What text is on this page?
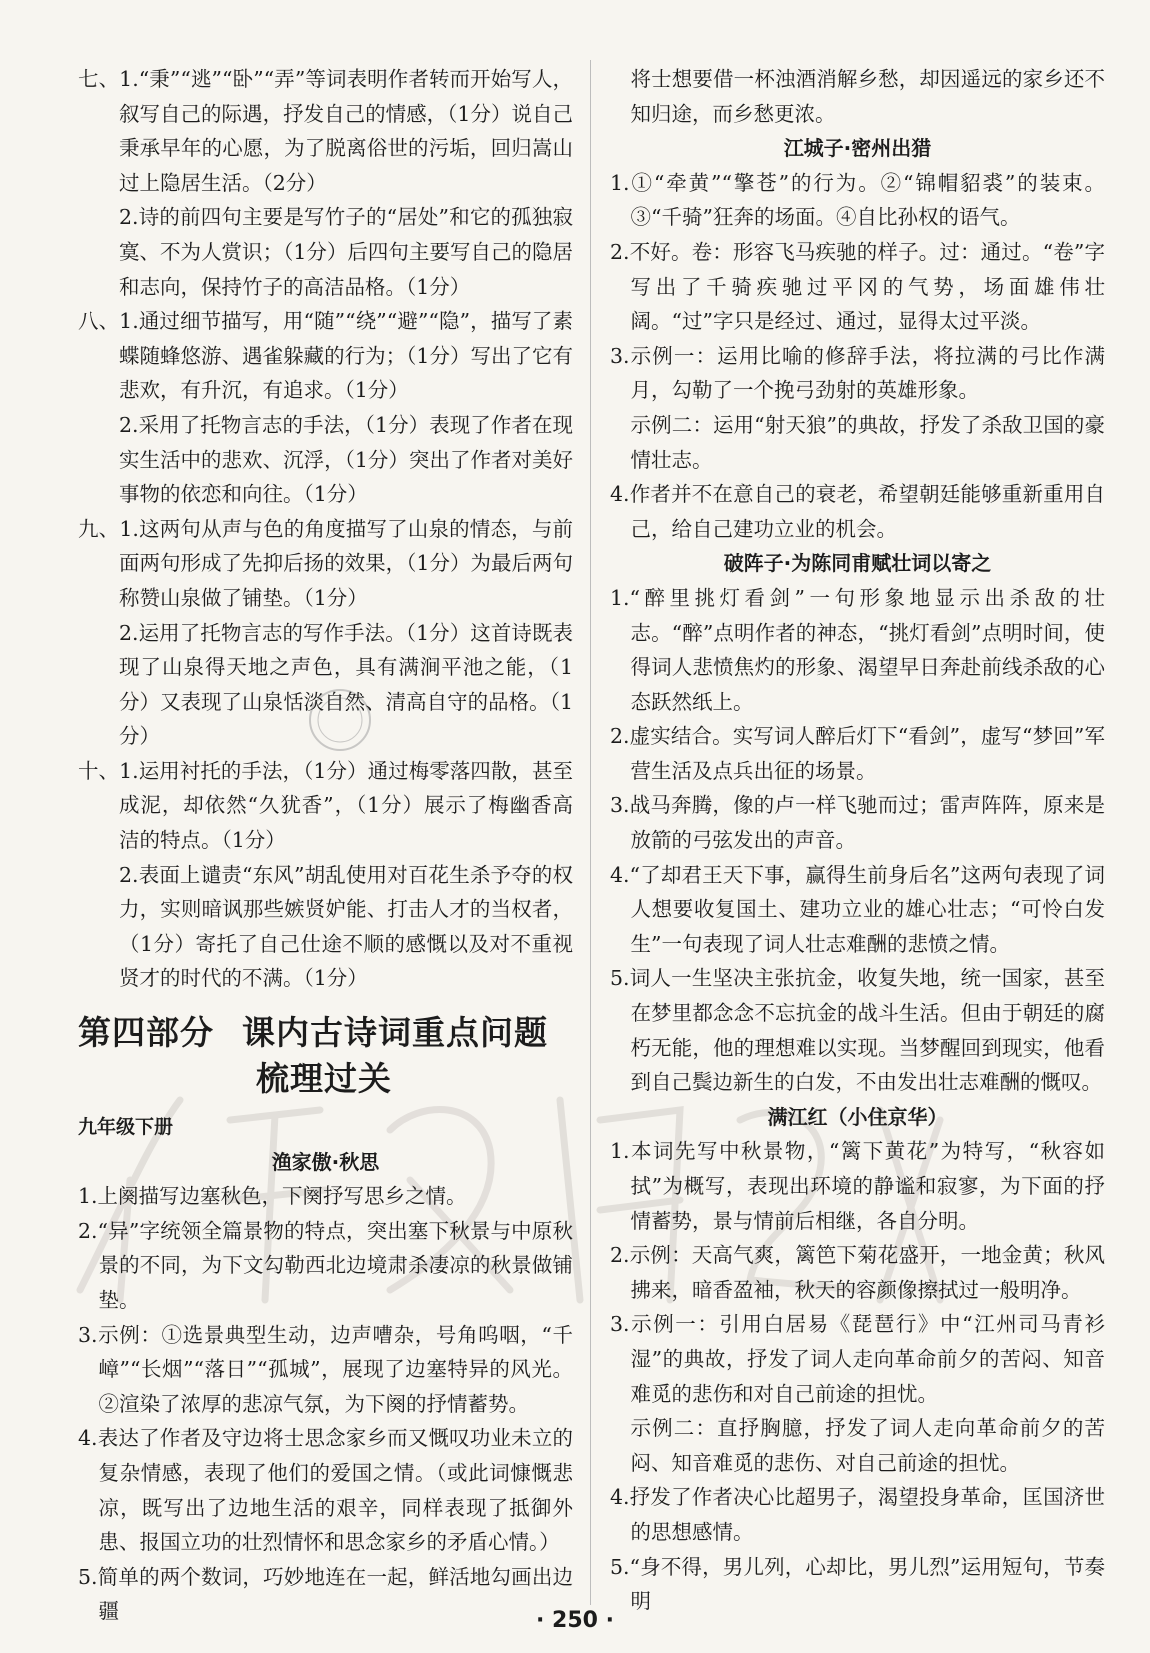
七、1.“秉”“逃”“卧”“弄”等词表明作者转而开始写人，叙写自己的际遇，抒发自己的情感，（1分）说自己秉承早年的心愿，为了脱离俗世的污垢，回归嵩山过上隐居生活。（2分）

2.诗的前四句主要是写竹子的“居处”和它的孤独寂寞、不为人赏识；（1分）后四句主要写自己的隐居和志向，保持竹子的高洁品格。（1分）

八、1.通过细节描写，用“随”“绕”“避”“隐”，描写了素蝶随蜂悠游、遇雀躲藏的行为；（1分）写出了它有悲欢，有升沉，有追求。（1分）

2.采用了托物言志的手法，（1分）表现了作者在现实生活中的悲欢、沉浮，（1分）突出了作者对美好事物的依恋和向往。（1分）

九、1.这两句从声与色的角度描写了山泉的情态，与前面两句形成了先抑后扬的效果，（1分）为最后两句称赞山泉做了铺垫。（1分）

2.运用了托物言志的写作手法。（1分）这首诗既表现了山泉得天地之声色，具有满涧平池之能，（1分）又表现了山泉恬淡自然、清高自守的品格。（1分）

十、1.运用衬托的手法，（1分）通过梅零落四散，甚至成泥，却依然“久犹香”，（1分）展示了梅幽香高洁的特点。（1分）

2.表面上谴责“东风”胡乱使用对百花生杀予夺的权力，实则暗讽那些嫉贤妒能、打击人才的当权者，（1分）寄托了自己仕途不顺的感慨以及对不重视贤才的时代的不满。（1分）

第四部分 课内古诗词重点问题
梳理过关

九年级下册

渔家傲·秋思

1.上阕描写边塞秋色，下阕抒写思乡之情。

2.“异”字统领全篇景物的特点，突出塞下秋景与中原秋景的不同，为下文勾勒西北边境肃杀凄凉的秋景做铺垫。

3.示例：①选景典型生动，边声嘈杂，号角呜咽，“千嶂”“长烟”“落日”“孤城”，展现了边塞特异的风光。②渲染了浓厚的悲凉气氛，为下阕的抒情蓄势。

4.表达了作者及守边将士思念家乡而又慨叹功业未立的复杂情感，表现了他们的爱国之情。（或此词慷慨悲凉，既写出了边地生活的艰辛，同样表现了抵御外患、报国立功的壮烈情怀和思念家乡的矛盾心情。）

5.简单的两个数词，巧妙地连在一起，鲜活地勾画出边疆

将士想要借一杯浊酒消解乡愁，却因遥远的家乡还不知归途，而乡愁更浓。

江城子·密州出猎

1.①“牵黄”“擎苍”的行为。②“锦帽貂裘”的装束。③“千骑”狂奔的场面。④自比孙权的语气。

2.不好。卷：形容飞马疾驰的样子。过：通过。“卷”字写出了千骑疾驰过平冈的气势，场面雄伟壮阔。“过”字只是经过、通过，显得太过平淡。

3.示例一：运用比喻的修辞手法，将拉满的弓比作满月，勾勒了一个挽弓劲射的英雄形象。

示例二：运用“射天狼”的典故，抒发了杀敌卫国的豪情壮志。

4.作者并不在意自己的衰老，希望朝廷能够重新重用自己，给自己建功立业的机会。

破阵子·为陈同甫赋壮词以寄之

1.“醉里挑灯看剑”一句形象地显示出杀敌的壮志。“醉”点明作者的神态，“挑灯看剑”点明时间，使得词人悲愤焦灼的形象、渴望早日奔赴前线杀敌的心态跃然纸上。

2.虚实结合。实写词人醉后灯下“看剑”，虚写“梦回”军营生活及点兵出征的场景。

3.战马奔腾，像的卢一样飞驰而过；雷声阵阵，原来是放箭的弓弦发出的声音。

4.“了却君王天下事，赢得生前身后名”这两句表现了词人想要收复国土、建功立业的雄心壮志；“可怜白发生”一句表现了词人壮志难酬的悲愤之情。

5.词人一生坚决主张抗金，收复失地，统一国家，甚至在梦里都念念不忘抗金的战斗生活。但由于朝廷的腐朽无能，他的理想难以实现。当梦醒回到现实，他看到自己鬓边新生的白发，不由发出壮志难酬的慨叹。

满江红（小住京华）

1.本词先写中秋景物，“篱下黄花”为特写，“秋容如拭”为概写，表现出环境的静谧和寂寥，为下面的抒情蓄势，景与情前后相继，各自分明。

2.示例：天高气爽，篱笆下菊花盛开，一地金黄；秋风拂来，暗香盈袖，秋天的容颜像擦拭过一般明净。

3.示例一：引用白居易《琵琶行》中“江州司马青衫湿”的典故，抒发了词人走向革命前夕的苦闷、知音难觅的悲伤和对自己前途的担忧。

示例二：直抒胸臆，抒发了词人走向革命前夕的苦闷、知音难觅的悲伤、对自己前途的担忧。

4.抒发了作者决心比超男子，渴望投身革命，匡国济世的思想感情。

5.“身不得，男儿列，心却比，男儿烈”运用短句，节奏明

· 250 ·
